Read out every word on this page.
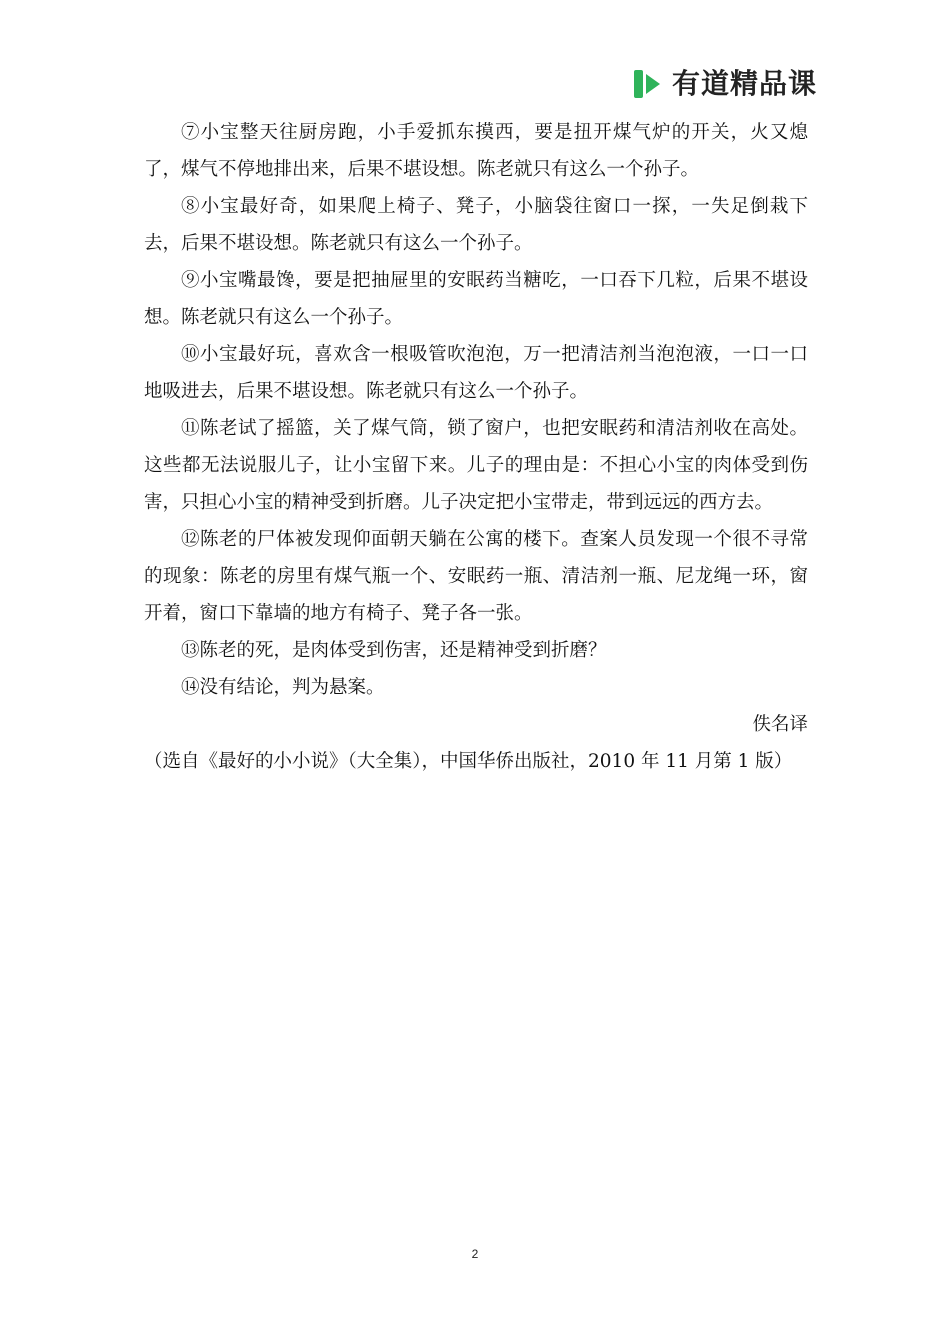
有道精品课

⑦小宝整天往厨房跑，小手爱抓东摸西，要是扭开煤气炉的开关，火又熄了，煤气不停地排出来，后果不堪设想。陈老就只有这么一个孙子。

⑧小宝最好奇，如果爬上椅子、凳子，小脑袋往窗口一探，一失足倒栽下去，后果不堪设想。陈老就只有这么一个孙子。

⑨小宝嘴最馋，要是把抽屉里的安眠药当糖吃，一口吞下几粒，后果不堪设想。陈老就只有这么一个孙子。

⑩小宝最好玩，喜欢含一根吸管吹泡泡，万一把清洁剂当泡泡液，一口一口地吸进去，后果不堪设想。陈老就只有这么一个孙子。

⑪陈老试了摇篮，关了煤气筒，锁了窗户，也把安眠药和清洁剂收在高处。这些都无法说服儿子，让小宝留下来。儿子的理由是：不担心小宝的肉体受到伤害，只担心小宝的精神受到折磨。儿子决定把小宝带走，带到远远的西方去。

⑫陈老的尸体被发现仰面朝天躺在公寓的楼下。查案人员发现一个很不寻常的现象：陈老的房里有煤气瓶一个、安眠药一瓶、清洁剂一瓶、尼龙绳一环，窗开着，窗口下靠墙的地方有椅子、凳子各一张。

⑬陈老的死，是肉体受到伤害，还是精神受到折磨？

⑭没有结论，判为悬案。

佚名译

（选自《最好的小小说》（大全集），中国华侨出版社，2010 年 11 月第 1 版）

2
